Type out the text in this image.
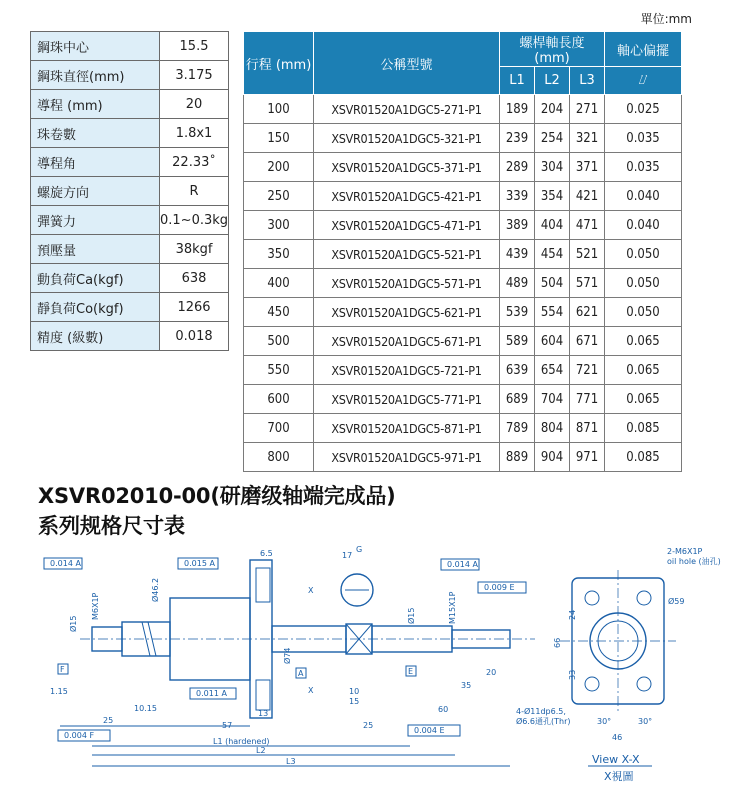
單位:mm
鋼珠中心	15.5
鋼珠直徑(mm)	3.175
導程 (mm)	20
珠卷數	1.8x1
導程角	22.33˚
螺旋方向	R
彈簧力	0.1~0.3kg
預壓量	38kgf
動負荷Ca(kgf)	638
靜負荷Co(kgf)	1266
精度 (級數)	0.018
行程 (mm)	公稱型號	螺桿軸長度 (mm)			軸心偏擺
		L1	L2	L3	⌰
100	XSVR01520A1DGC5-271-P1	189	204	271	0.025
150	XSVR01520A1DGC5-321-P1	239	254	321	0.035
200	XSVR01520A1DGC5-371-P1	289	304	371	0.035
250	XSVR01520A1DGC5-421-P1	339	354	421	0.040
300	XSVR01520A1DGC5-471-P1	389	404	471	0.040
350	XSVR01520A1DGC5-521-P1	439	454	521	0.050
400	XSVR01520A1DGC5-571-P1	489	504	571	0.050
450	XSVR01520A1DGC5-621-P1	539	554	621	0.050
500	XSVR01520A1DGC5-671-P1	589	604	671	0.065
550	XSVR01520A1DGC5-721-P1	639	654	721	0.065
600	XSVR01520A1DGC5-771-P1	689	704	771	0.065
700	XSVR01520A1DGC5-871-P1	789	804	871	0.085
800	XSVR01520A1DGC5-971-P1	889	904	971	0.085
XSVR02010-00(研磨级轴端完成品)
系列规格尺寸表
17
0.014 A	0.015 A	0.014 A
0.009 E
0.011 A
0.004 F
0.004 E
F	A	E
G
X
X
6.5
10
15
20
35
60
25
25
57
13
10.15
1.15
L1 (hardened)
L2
L3
Ø15
M6X1P
Ø46.2
Ø74
Ø15	M15X1P
2-M6X1P
oil hole (油孔)
Ø59
66
24
33
46
30°	30°
4-Ø11dp6.5,
Ø6.6通孔(Thr)
View X-X
X視圖
